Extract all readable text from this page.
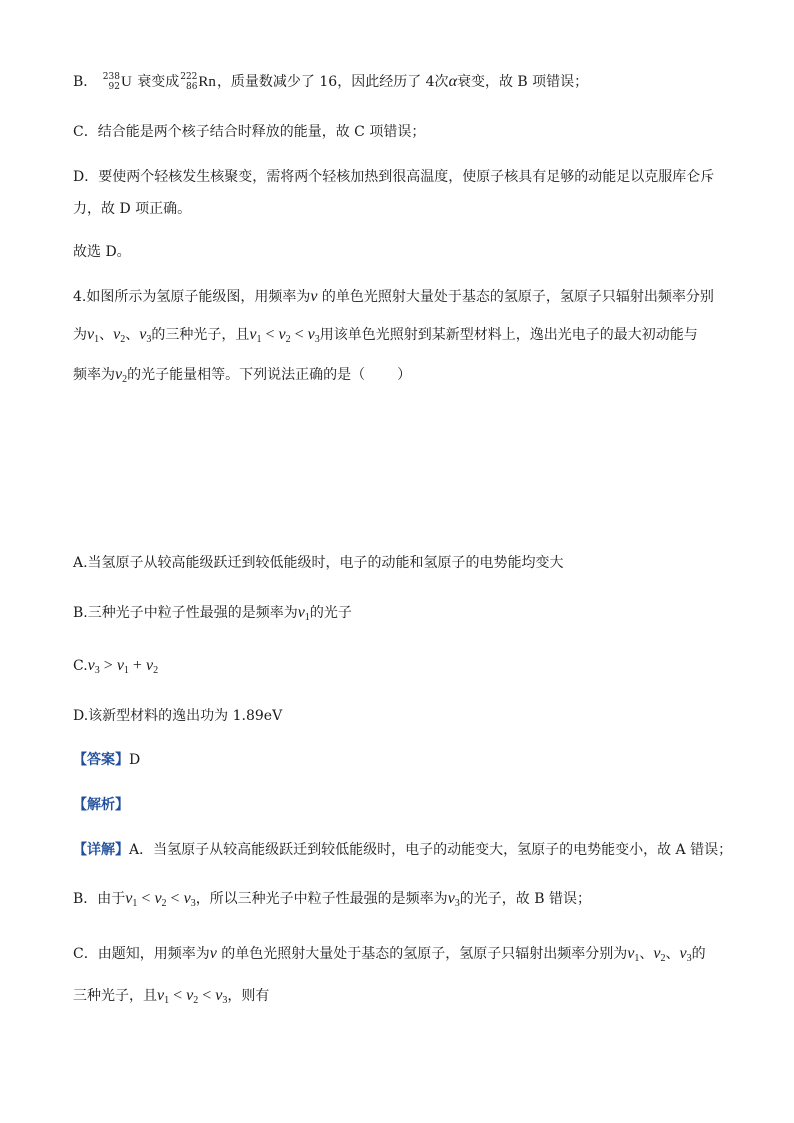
B． 238
92 U 衰变成 222
86 Rn，质量数减少了 16，因此经历了 4次α衰变，故 B 项错误；
C．结合能是两个核子结合时释放的能量，故 C 项错误；
D．要使两个轻核发生核聚变，需将两个轻核加热到很高温度，使原子核具有足够的动能足以克服库仑斥
力，故 D 项正确。
故选 D。
4.如图所示为氢原子能级图，用频率为ν 的单色光照射大量处于基态的氢原子，氢原子只辐射出频率分别
为ν1、ν2、ν3的三种光子，且ν1 < ν2 < ν3用该单色光照射到某新型材料上，逸出光电子的最大初动能与
频率为ν2的光子能量相等。下列说法正确的是（ ）
A.当氢原子从较高能级跃迁到较低能级时，电子的动能和氢原子的电势能均变大
B.三种光子中粒子性最强的是频率为ν1的光子
C.ν3 > ν1 + ν2
D.该新型材料的逸出功为 1.89eV
【答案】D
【解析】
【详解】A．当氢原子从较高能级跃迁到较低能级时，电子的动能变大，氢原子的电势能变小，故 A 错误；
B．由于ν1 < ν2 < ν3，所以三种光子中粒子性最强的是频率为ν3的光子，故 B 错误；
C．由题知，用频率为ν 的单色光照射大量处于基态的氢原子，氢原子只辐射出频率分别为ν1、ν2、ν3的
三种光子，且ν1 < ν2 < ν3，则有
